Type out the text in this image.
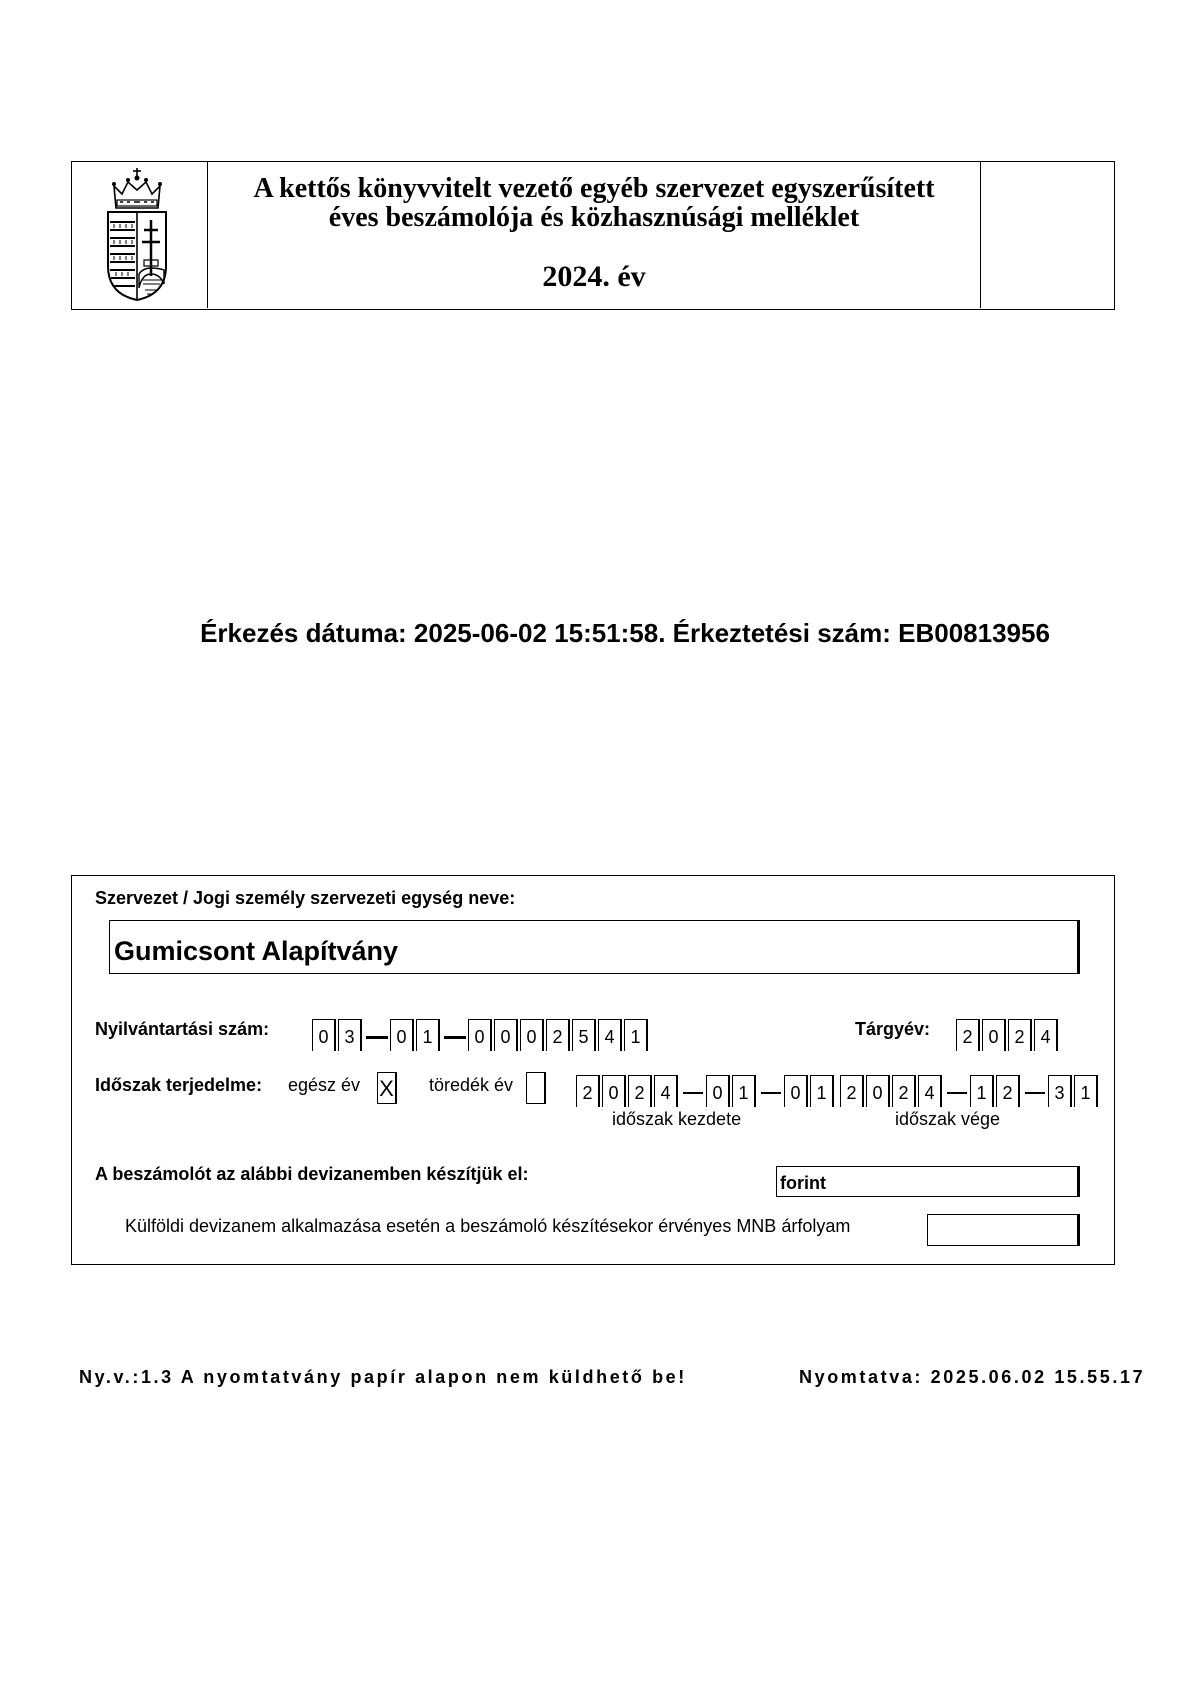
A kettős könyvvitelt vezető egyéb szervezet egyszerűsített
éves beszámolója és közhasznúsági melléklet
2024. év
Érkezés dátuma: 2025-06-02 15:51:58. Érkeztetési szám: EB00813956
Szervezet / Jogi személy szervezeti egység neve:
Gumicsont Alapítvány
Nyilvántartási szám:	0 3	0 1	0 0 0 2 5 4 1	Tárgyév:	2 0 2 4
Időszak terjedelme: egész év X töredék év	2 0 2 4	0 1	0 1
időszak kezdete
2 0 2 4	1 2	3 1
időszak vége
A beszámolót az alábbi devizanemben készítjük el:	forint
Külföldi devizanem alkalmazása esetén a beszámoló készítésekor érvényes MNB árfolyam
Ny.v.:1.3 A nyomtatvány papír alapon nem küldhető be!	Nyomtatva: 2025.06.02 15.55.17
